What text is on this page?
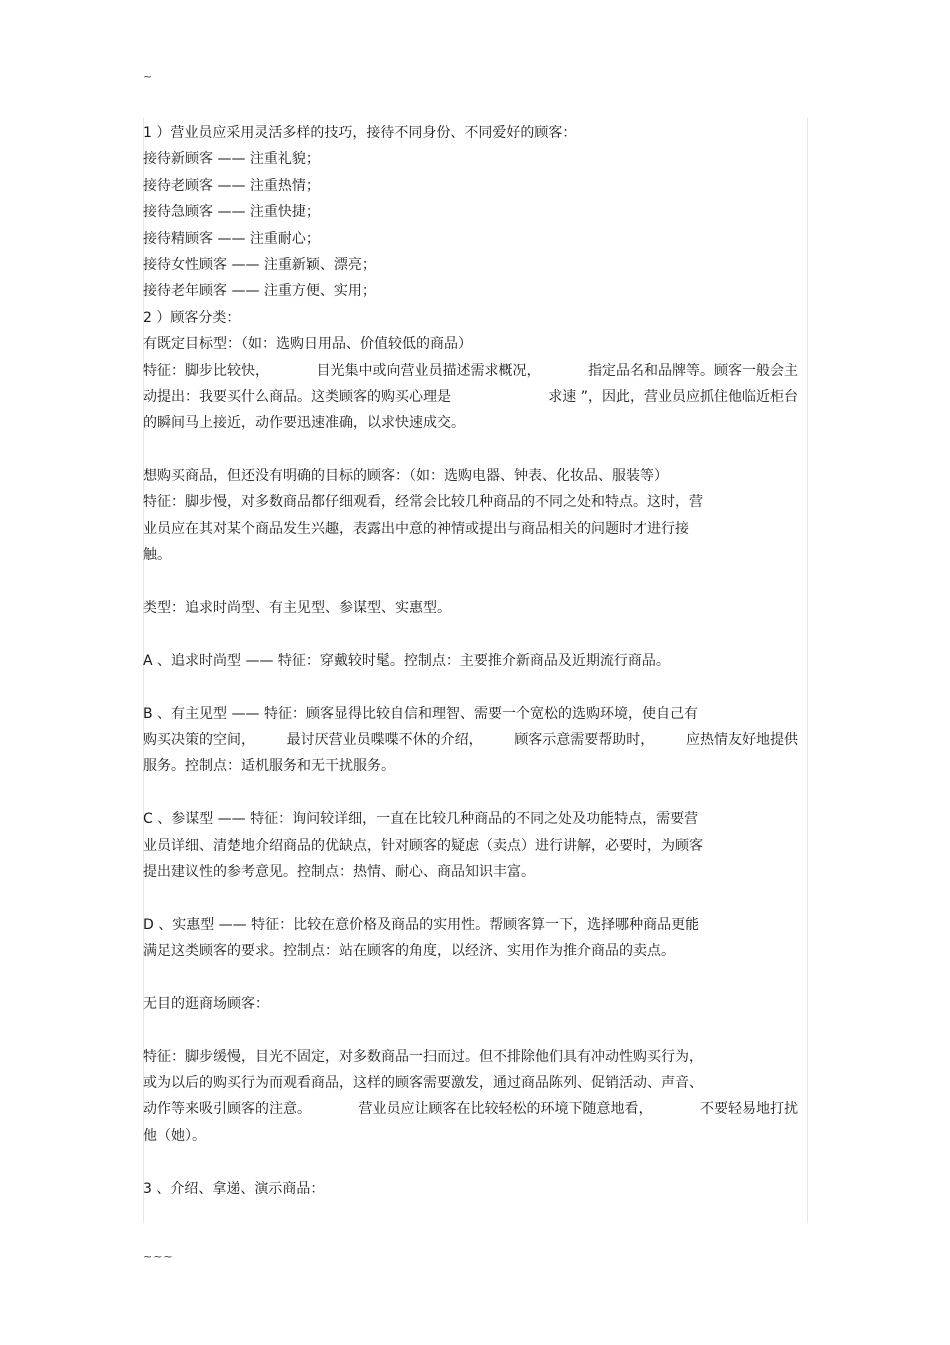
~
1 ）营业员应采用灵活多样的技巧，接待不同身份、不同爱好的顾客：
接待新顾客 —— 注重礼貌；
接待老顾客 —— 注重热情；
接待急顾客 —— 注重快捷；
接待精顾客 —— 注重耐心；
接待女性顾客 —— 注重新颖、漂亮；
接待老年顾客 —— 注重方便、实用；
2 ）顾客分类：
有既定目标型：（如：选购日用品、价值较低的商品）
特征：脚步比较快，	目光集中或向营业员描述需求概况，	指定品名和品牌等。顾客一般会主
动提出：我要买什么商品。这类顾客的购买心理是	求速 ”，因此，营业员应抓住他临近柜台
的瞬间马上接近，动作要迅速准确，以求快速成交。
想购买商品，但还没有明确的目标的顾客：（如：选购电器、钟表、化妆品、服装等）
特征：脚步慢，对多数商品都仔细观看，经常会比较几种商品的不同之处和特点。这时，营
业员应在其对某个商品发生兴趣，表露出中意的神情或提出与商品相关的问题时才进行接
触。
类型：追求时尚型、有主见型、参谋型、实惠型。
A 、追求时尚型 —— 特征：穿戴较时髦。控制点：主要推介新商品及近期流行商品。
B 、有主见型 —— 特征：顾客显得比较自信和理智、需要一个宽松的选购环境，使自己有
购买决策的空间， 最讨厌营业员喋喋不休的介绍， 顾客示意需要帮助时， 应热情友好地提供
服务。控制点：适机服务和无干扰服务。
C 、参谋型 —— 特征：询问较详细，一直在比较几种商品的不同之处及功能特点，需要营
业员详细、清楚地介绍商品的优缺点，针对顾客的疑虑（卖点）进行讲解，必要时，为顾客
提出建议性的参考意见。控制点：热情、耐心、商品知识丰富。
D 、实惠型 —— 特征：比较在意价格及商品的实用性。帮顾客算一下，选择哪种商品更能
满足这类顾客的要求。控制点：站在顾客的角度，以经济、实用作为推介商品的卖点。
无目的逛商场顾客：
特征：脚步缓慢，目光不固定，对多数商品一扫而过。但不排除他们具有冲动性购买行为，
或为以后的购买行为而观看商品，这样的顾客需要激发，通过商品陈列、促销活动、声音、
动作等来吸引顾客的注意。	营业员应让顾客在比较轻松的环境下随意地看，	不要轻易地打扰
他（她）。
3 、介绍、拿递、演示商品：
~~~
